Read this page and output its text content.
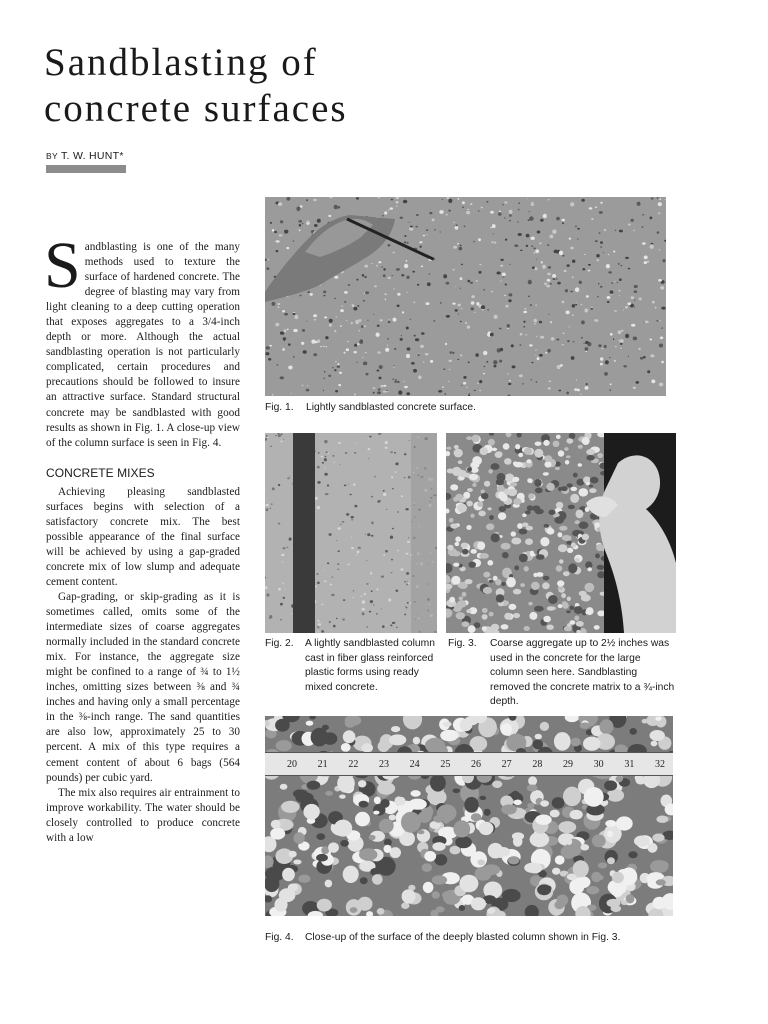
Sandblasting of
concrete surfaces
BY T. W. HUNT*
S andblasting is one of the many methods used to texture the surface of hardened concrete. The degree of blasting may vary from light cleaning to a deep cutting operation that exposes aggregates to a 3/4-inch depth or more. Although the actual sandblasting operation is not particularly complicated, certain procedures and precautions should be followed to insure an attractive surface. Standard structural concrete may be sandblasted with good results as shown in Fig. 1. A close-up view of the column surface is seen in Fig. 4.

CONCRETE MIXES

Achieving pleasing sandblasted surfaces begins with selection of a satisfactory concrete mix. The best possible appearance of the final surface will be achieved by using a gap-graded concrete mix of low slump and adequate cement content.

Gap-grading, or skip-grading as it is sometimes called, omits some of the intermediate sizes of coarse aggregates normally included in the standard concrete mix. For instance, the aggregate size might be confined to a range of ¾ to 1½ inches, omitting sizes between ⅜ and ¾ inches and having only a small percentage in the ⅜-inch range. The sand quantities are also low, approximately 25 to 30 percent. A mix of this type requires a cement content of about 6 bags (564 pounds) per cubic yard.

The mix also requires air entrainment to improve workability. The water should be closely controlled to produce concrete with a low

Fig. 1.	Lightly sandblasted concrete surface.
Fig. 2.	A lightly sandblasted column cast in fiber glass reinforced plastic forms using ready mixed concrete.
Fig. 3.	Coarse aggregate up to 2½ inches was used in the concrete for the large column seen here. Sandblasting removed the concrete matrix to a ¾-inch depth.
20 21 22 23 24 25 26 27 28 29 30 31 32
Fig. 4.	Close-up of the surface of the deeply blasted column shown in Fig. 3.
